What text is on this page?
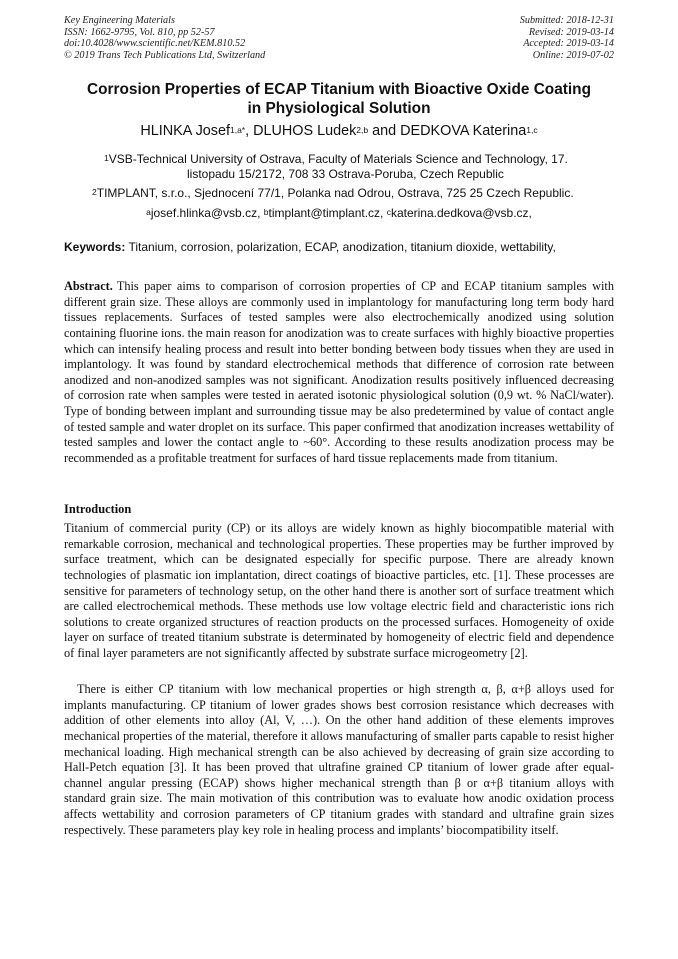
Key Engineering Materials
ISSN: 1662-9795, Vol. 810, pp 52-57
doi:10.4028/www.scientific.net/KEM.810.52
© 2019 Trans Tech Publications Ltd, Switzerland
Submitted: 2018-12-31
Revised: 2019-03-14
Accepted: 2019-03-14
Online: 2019-07-02
Corrosion Properties of ECAP Titanium with Bioactive Oxide Coating
in Physiological Solution
HLINKA Josef$^{1,a*}$, DLUHOS Ludek$^{2,b}$ and DEDKOVA Katerina$^{1,c}$
$^1$VSB-Technical University of Ostrava, Faculty of Materials Science and Technology, 17.
listopadu 15/2172, 708 33 Ostrava-Poruba, Czech Republic
$^2$TIMPLANT, s.r.o., Sjednocení 77/1, Polanka nad Odrou, Ostrava, 725 25 Czech Republic.
$^a$josef.hlinka@vsb.cz, $^b$timplant@timplant.cz, $^c$katerina.dedkova@vsb.cz,
Keywords: Titanium, corrosion, polarization, ECAP, anodization, titanium dioxide, wettability,
Abstract. This paper aims to comparison of corrosion properties of CP and ECAP titanium samples with different grain size. These alloys are commonly used in implantology for manufacturing long term body hard tissues replacements. Surfaces of tested samples were also electrochemically anodized using solution containing fluorine ions. the main reason for anodization was to create surfaces with highly bioactive properties which can intensify healing process and result into better bonding between body tissues when they are used in implantology. It was found by standard electrochemical methods that difference of corrosion rate between anodized and non-anodized samples was not significant. Anodization results positively influenced decreasing of corrosion rate when samples were tested in aerated isotonic physiological solution (0,9 wt. % NaCl/water). Type of bonding between implant and surrounding tissue may be also predetermined by value of contact angle of tested sample and water droplet on its surface. This paper confirmed that anodization increases wettability of tested samples and lower the contact angle to ~60°. According to these results anodization process may be recommended as a profitable treatment for surfaces of hard tissue replacements made from titanium.
Introduction
Titanium of commercial purity (CP) or its alloys are widely known as highly biocompatible material with remarkable corrosion, mechanical and technological properties. These properties may be further improved by surface treatment, which can be designated especially for specific purpose. There are already known technologies of plasmatic ion implantation, direct coatings of bioactive particles, etc. [1]. These processes are sensitive for parameters of technology setup, on the other hand there is another sort of surface treatment which are called electrochemical methods. These methods use low voltage electric field and characteristic ions rich solutions to create organized structures of reaction products on the processed surfaces. Homogeneity of oxide layer on surface of treated titanium substrate is determinated by homogeneity of electric field and dependence of final layer parameters are not significantly affected by substrate surface microgeometry [2].
There is either CP titanium with low mechanical properties or high strength α, β, α+β alloys used for implants manufacturing. CP titanium of lower grades shows best corrosion resistance which decreases with addition of other elements into alloy (Al, V, …). On the other hand addition of these elements improves mechanical properties of the material, therefore it allows manufacturing of smaller parts capable to resist higher mechanical loading. High mechanical strength can be also achieved by decreasing of grain size according to Hall-Petch equation [3]. It has been proved that ultrafine grained CP titanium of lower grade after equal-channel angular pressing (ECAP) shows higher mechanical strength than β or α+β titanium alloys with standard grain size. The main motivation of this contribution was to evaluate how anodic oxidation process affects wettability and corrosion parameters of CP titanium grades with standard and ultrafine grain sizes respectively. These parameters play key role in healing process and implants’ biocompatibility itself.
